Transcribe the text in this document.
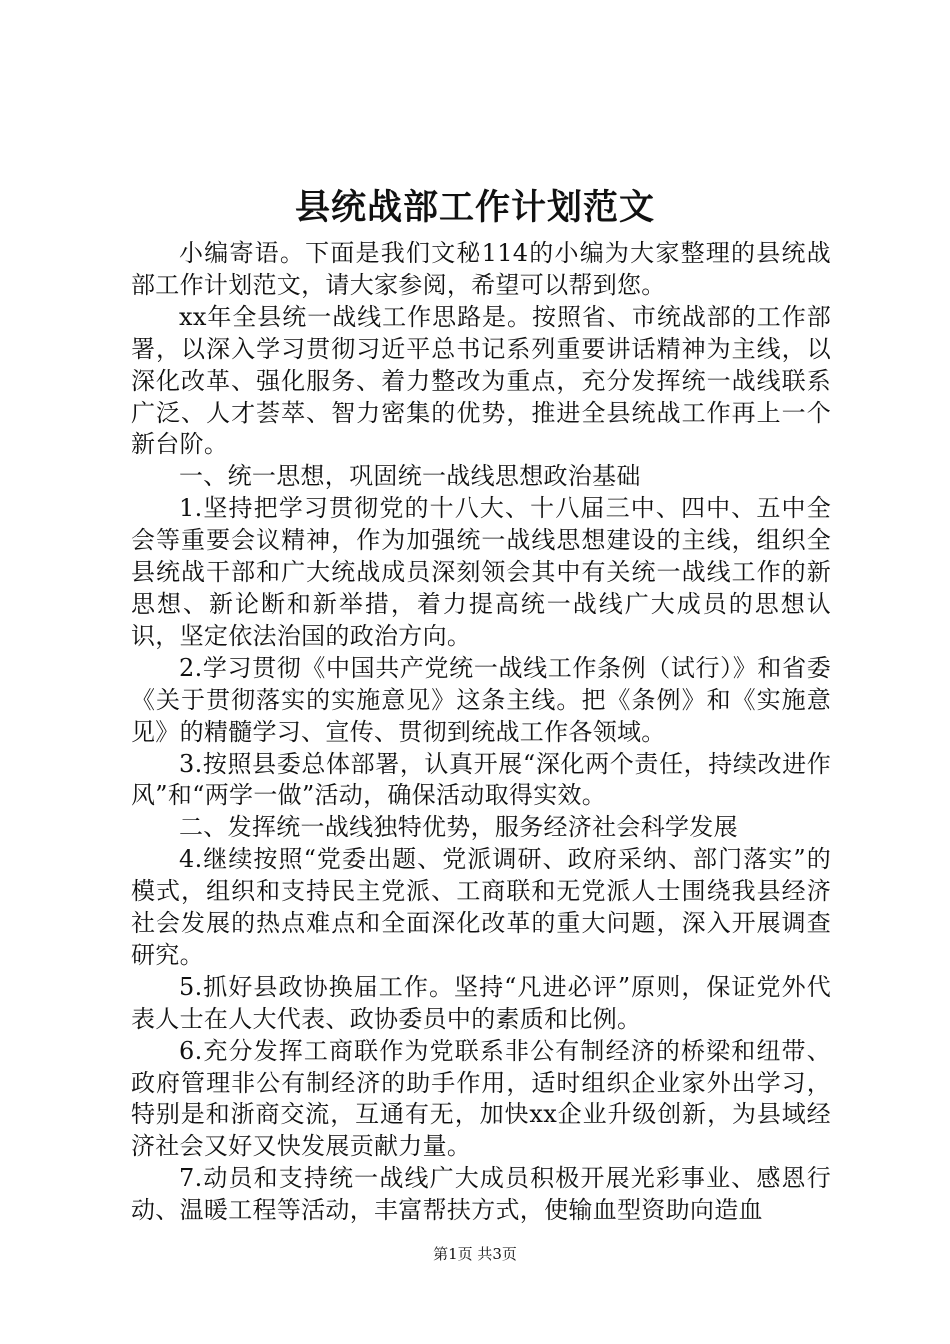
县统战部工作计划范文

小编寄语。下面是我们文秘114的小编为大家整理的县统战部工作计划范文，请大家参阅，希望可以帮到您。

xx年全县统一战线工作思路是。按照省、市统战部的工作部署，以深入学习贯彻习近平总书记系列重要讲话精神为主线，以深化改革、强化服务、着力整改为重点，充分发挥统一战线联系广泛、人才荟萃、智力密集的优势，推进全县统战工作再上一个新台阶。

一、统一思想，巩固统一战线思想政治基础

1.坚持把学习贯彻党的十八大、十八届三中、四中、五中全会等重要会议精神，作为加强统一战线思想建设的主线，组织全县统战干部和广大统战成员深刻领会其中有关统一战线工作的新思想、新论断和新举措，着力提高统一战线广大成员的思想认识，坚定依法治国的政治方向。

2.学习贯彻《中国共产党统一战线工作条例（试行）》和省委《关于贯彻落实的实施意见》这条主线。把《条例》和《实施意见》的精髓学习、宣传、贯彻到统战工作各领域。

3.按照县委总体部署，认真开展“深化两个责任，持续改进作风”和“两学一做”活动，确保活动取得实效。

二、发挥统一战线独特优势，服务经济社会科学发展

4.继续按照“党委出题、党派调研、政府采纳、部门落实”的模式，组织和支持民主党派、工商联和无党派人士围绕我县经济社会发展的热点难点和全面深化改革的重大问题，深入开展调查研究。

5.抓好县政协换届工作。坚持“凡进必评”原则，保证党外代表人士在人大代表、政协委员中的素质和比例。

6.充分发挥工商联作为党联系非公有制经济的桥梁和纽带、政府管理非公有制经济的助手作用，适时组织企业家外出学习，特别是和浙商交流，互通有无，加快xx企业升级创新，为县域经济社会又好又快发展贡献力量。

7.动员和支持统一战线广大成员积极开展光彩事业、感恩行动、温暖工程等活动，丰富帮扶方式，使输血型资助向造血

第1页 共3页
